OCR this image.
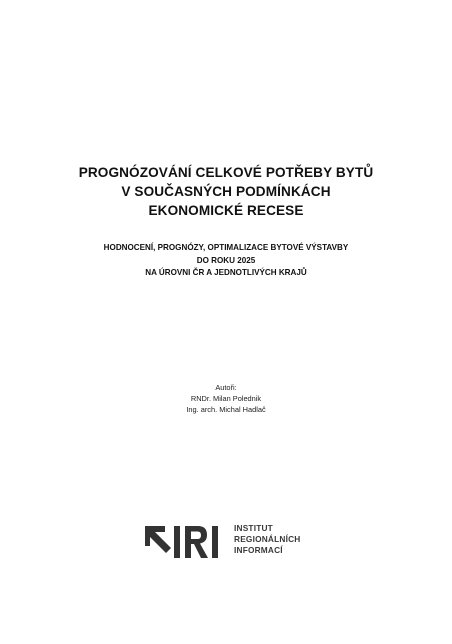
PROGNÓZOVÁNÍ CELKOVÉ POTŘEBY BYTŮ
V SOUČASNÝCH PODMÍNKÁCH
EKONOMICKÉ RECESE
HODNOCENÍ, PROGNÓZY, OPTIMALIZACE BYTOVÉ VÝSTAVBY
DO ROKU 2025
NA ÚROVNI ČR A JEDNOTLIVÝCH KRAJŮ
Autoři:
RNDr. Milan Polednik
Ing. arch. Michal Hadlač
INSTITUT
REGIONÁLNÍCH
INFORMACÍ
